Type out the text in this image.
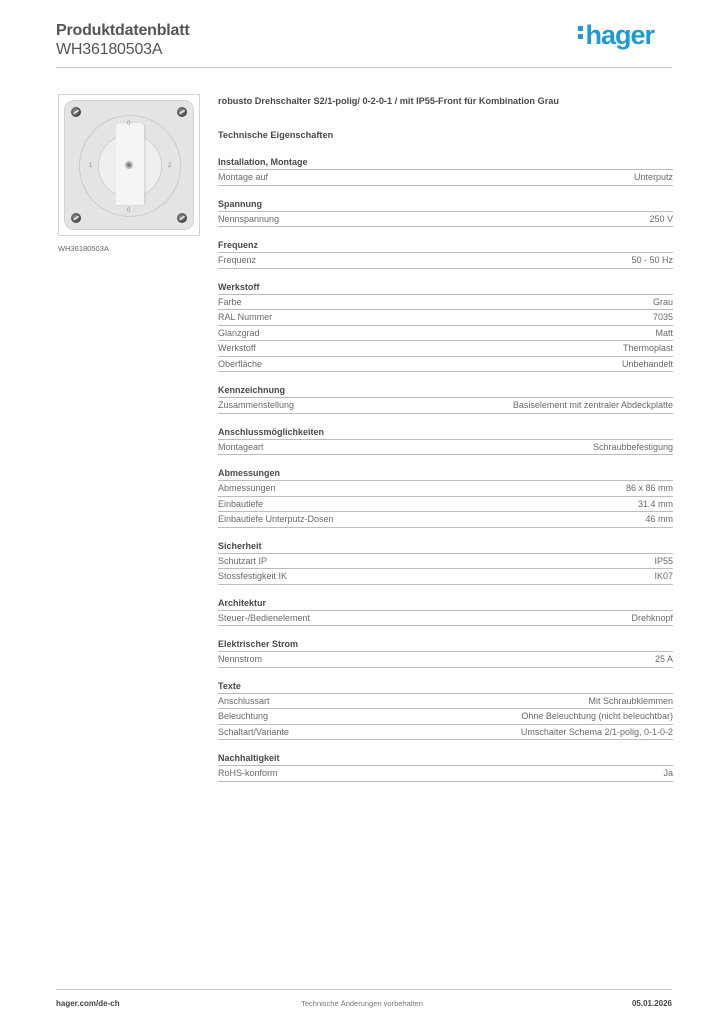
Produktdatenblatt
WH36180503A	hager
0
1	2
0
WH36180503A
robusto Drehschalter S2/1-polig/ 0-2-0-1 / mit IP55-Front für Kombination Grau
Technische Eigenschaften
Installation, Montage
Montage auf	Unterputz
Spannung
Nennspannung	250 V
Frequenz
Frequenz	50 - 50 Hz
Werkstoff
Farbe	Grau
RAL Nummer	7035
Glanzgrad	Matt
Werkstoff	Thermoplast
Oberfläche	Unbehandelt
Kennzeichnung
Zusammenstellung	Basiselement mit zentraler Abdeckplatte
Anschlussmöglichkeiten
Montageart	Schraubbefestigung
Abmessungen
Abmessungen	86 x 86 mm
Einbautiefe	31.4 mm
Einbautiefe Unterputz-Dosen	46 mm
Sicherheit
Schutzart IP	IP55
Stossfestigkeit IK	IK07
Architektur
Steuer-/Bedienelement	Drehknopf
Elektrischer Strom
Nennstrom	25 A
Texte
Anschlussart	Mit Schraubklemmen
Beleuchtung	Ohne Beleuchtung (nicht beleuchtbar)
Schaltart/Variante	Umschalter Schema 2/1-polig, 0-1-0-2
Nachhaltigkeit
RoHS-konform	Ja
hager.com/de-ch	Technische Änderungen vorbehalten	05.01.2026
